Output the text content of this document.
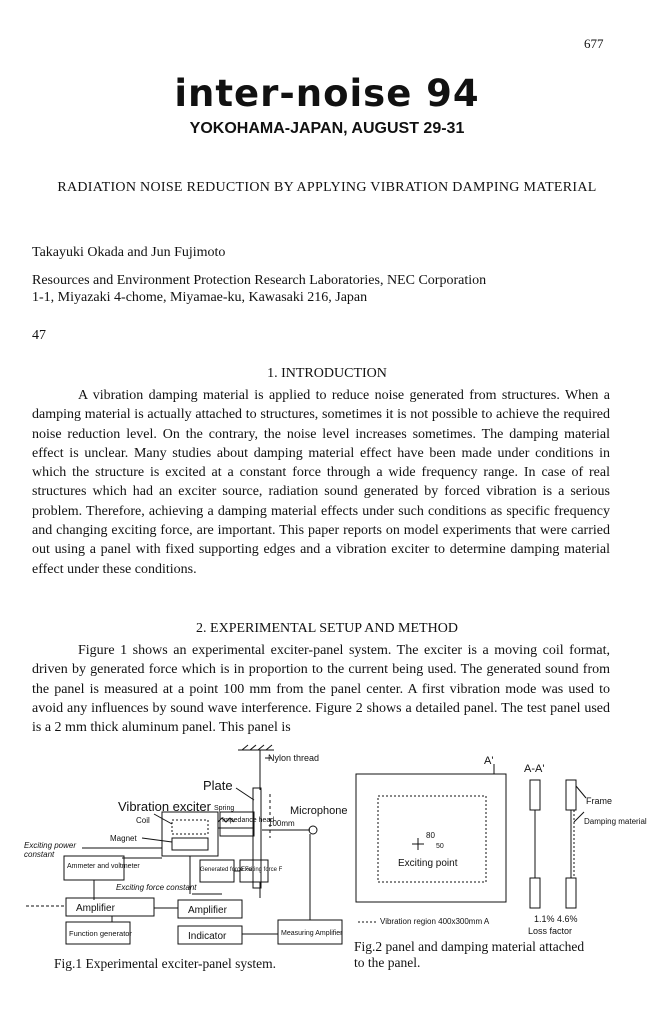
677
inter-noise 94
YOKOHAMA-JAPAN, AUGUST 29-31
RADIATION NOISE REDUCTION BY APPLYING VIBRATION DAMPING MATERIAL
Takayuki Okada and Jun Fujimoto
Resources and Environment Protection Research Laboratories, NEC Corporation
1-1, Miyazaki 4-chome, Miyamae-ku, Kawasaki 216, Japan
47
1. INTRODUCTION
A vibration damping material is applied to reduce noise generated from structures. When a damping material is actually attached to structures, sometimes it is not possible to achieve the required noise reduction level. On the contrary, the noise level increases sometimes. The damping material effect is unclear. Many studies about damping material effect have been made under conditions in which the structure is excited at a constant force through a wide frequency range. In case of real structures which had an exciter source, radiation sound generated by forced vibration is a serious problem. Therefore, achieving a damping material effects under such conditions as specific frequency and changing exciting force, are important. This paper reports on model experiments that were carried out using a panel with fixed supporting edges and a vibration exciter to determine damping material effect under these conditions.
2. EXPERIMENTAL SETUP AND METHOD
Figure 1 shows an experimental exciter-panel system. The exciter is a moving coil format, driven by generated force which is in proportion to the current being used. The generated sound from the panel is measured at a point 100 mm from the panel center. A first vibration mode was used to avoid any influences by sound wave interference. Figure 2 shows a detailed panel. The test panel used is a 2 mm thick aluminum panel. This panel is
Nylon thread
Plate
Vibration exciter Spring
Coil	Impedance head
100mm
Microphone
Magnet
Exciting power
constant
Ammeter and voltmeter	Generated force Fe
Exciting force F
Exciting force constant
Amplifier	Amplifier
Function generator	Indicator	Measuring Amplifier
Fig.1 Experimental exciter-panel system.
A'
A-A'
Frame
Damping material
80
50
Exciting point
Vibration region 400x300mm A	1.1% 4.6%
Loss factor
Fig.2 panel and damping material attached
to the panel.
